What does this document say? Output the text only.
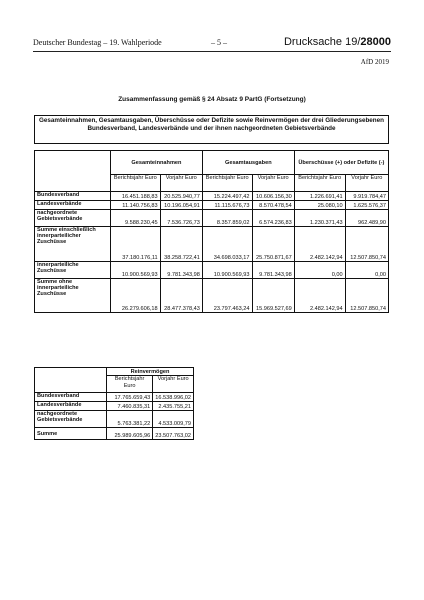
Deutscher Bundestag – 19. Wahlperiode	– 5 –	Drucksache 19/28000
AfD 2019
Zusammenfassung gemäß § 24 Absatz 9 PartG (Fortsetzung)
Gesamteinnahmen, Gesamtausgaben, Überschüsse oder Defizite sowie Reinvermögen der drei Gliederungsebenen Bundesverband, Landesverbände und der ihnen nachgeordneten Gebietsverbände
	Gesamteinnahmen		Gesamtausgaben		Überschüsse (+) oder Defizite (-)	
	Berichtsjahr Euro	Vorjahr Euro	Berichtsjahr Euro	Vorjahr Euro	Berichtsjahr Euro	Vorjahr Euro
Bundesverband	16.451.188,83	20.525.940,77	15.224.497,42	10.606.156,30	1.226.691,41	9.919.784,47
Landesverbände	11.140.756,83	10.196.054,91	11.115.676,73	8.570.478,54	25.080,10	1.625.576,37
nachgeordnete Gebietsverbände	9.588.230,45	7.536.726,73	8.357.859,02	6.574.236,83	1.230.371,43	962.489,90
Summe einschließlich innerparteilicher Zuschüsse	37.180.176,11	38.258.722,41	34.698.033,17	25.750.871,67	2.482.142,94	12.507.850,74
innerparteiliche Zuschüsse	10.900.569,93	9.781.343,98	10.900.569,93	9.781.343,98	0,00	0,00
Summe ohne innerparteiliche Zuschüsse	26.279.606,18	28.477.378,43	23.797.463,24	15.969.527,69	2.482.142,94	12.507.850,74
	Reinvermögen	
	Berichtsjahr Euro	Vorjahr Euro
Bundesverband	17.765.659,43	16.538.996,02
Landesverbände	7.460.835,31	2.435.755,21
nachgeordnete Gebietsverbände	5.763.381,22	4.533.009,79
Summe	25.989.605,96	23.507.763,02
